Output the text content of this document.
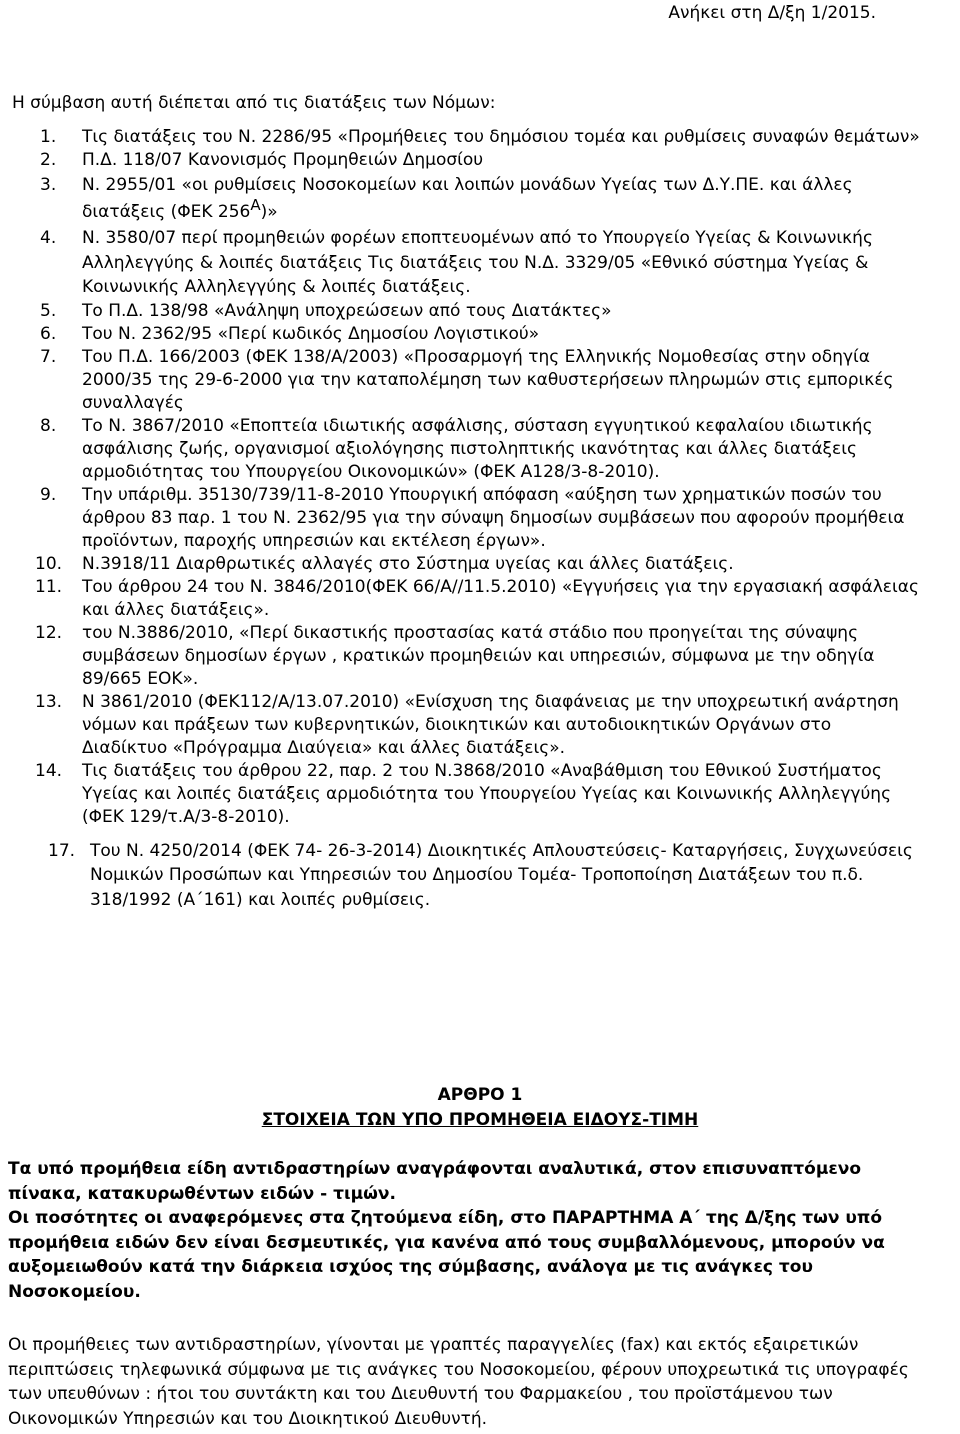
Ανήκει στη Δ/ξη 1/2015.

Η σύμβαση αυτή διέπεται από τις διατάξεις των Νόμων:

1. Τις διατάξεις του Ν. 2286/95 «Προμήθειες του δημόσιου τομέα και ρυθμίσεις συναφών θεμάτων»
2. Π.Δ. 118/07 Κανονισμός Προμηθειών Δημοσίου
3. Ν. 2955/01 «οι ρυθμίσεις Νοσοκομείων και λοιπών μονάδων Υγείας των Δ.Υ.ΠΕ. και άλλες διατάξεις (ΦΕΚ 256Α)»
4. Ν. 3580/07 περί προμηθειών φορέων εποπτευομένων από το Υπουργείο Υγείας & Κοινωνικής Αλληλεγγύης & λοιπές διατάξεις Τις διατάξεις του Ν.Δ. 3329/05 «Εθνικό σύστημα Υγείας & Κοινωνικής Αλληλεγγύης & λοιπές διατάξεις.
5. Το Π.Δ. 138/98 «Ανάληψη υποχρεώσεων από τους Διατάκτες»
6. Του Ν. 2362/95 «Περί κωδικός Δημοσίου Λογιστικού»
7. Του Π.Δ. 166/2003 (ΦΕΚ 138/Α/2003) «Προσαρμογή της Ελληνικής Νομοθεσίας στην οδηγία 2000/35 της 29-6-2000 για την καταπολέμηση των καθυστερήσεων πληρωμών στις εμπορικές συναλλαγές
8. Το Ν. 3867/2010 «Εποπτεία ιδιωτικής ασφάλισης, σύσταση εγγυητικού κεφαλαίου ιδιωτικής ασφάλισης ζωής, οργανισμοί αξιολόγησης πιστοληπτικής ικανότητας και άλλες διατάξεις αρμοδιότητας του Υπουργείου Οικονομικών» (ΦΕΚ Α128/3-8-2010).
9. Την υπάριθμ. 35130/739/11-8-2010 Υπουργική απόφαση «αύξηση των χρηματικών ποσών του άρθρου 83 παρ. 1 του Ν. 2362/95 για την σύναψη δημοσίων συμβάσεων που αφορούν προμήθεια προϊόντων, παροχής υπηρεσιών και εκτέλεση έργων».
10. Ν.3918/11 Διαρθρωτικές αλλαγές στο Σύστημα υγείας και άλλες διατάξεις.
11. Του άρθρου 24 του Ν. 3846/2010(ΦΕΚ 66/Α//11.5.2010) «Εγγυήσεις για την εργασιακή ασφάλειας και άλλες διατάξεις».
12. του Ν.3886/2010, «Περί δικαστικής προστασίας κατά στάδιο που προηγείται της σύναψης συμβάσεων δημοσίων έργων , κρατικών προμηθειών και υπηρεσιών, σύμφωνα με την οδηγία 89/665 ΕΟΚ».
13. Ν 3861/2010 (ΦΕΚ112/Α/13.07.2010) «Ενίσχυση της διαφάνειας με την υποχρεωτική ανάρτηση νόμων και πράξεων των κυβερνητικών, διοικητικών και αυτοδιοικητικών Οργάνων στο Διαδίκτυο «Πρόγραμμα Διαύγεια» και άλλες διατάξεις».
14. Τις διατάξεις του άρθρου 22, παρ. 2 του Ν.3868/2010 «Αναβάθμιση του Εθνικού Συστήματος Υγείας και λοιπές διατάξεις αρμοδιότητα του Υπουργείου Υγείας και Κοινωνικής Αλληλεγγύης (ΦΕΚ 129/τ.Α/3-8-2010).
17. Του Ν. 4250/2014 (ΦΕΚ 74- 26-3-2014) Διοικητικές Απλουστεύσεις- Καταργήσεις, Συγχωνεύσεις Νομικών Προσώπων και Υπηρεσιών του Δημοσίου Τομέα- Τροποποίηση Διατάξεων του π.δ. 318/1992 (Α΄161) και λοιπές ρυθμίσεις.
ΑΡΘΡΟ 1
ΣΤΟΙΧΕΙΑ ΤΩΝ ΥΠΟ ΠΡΟΜΗΘΕΙΑ ΕΙΔΟΥΣ-ΤΙΜΗ

Τα υπό προμήθεια είδη αντιδραστηρίων αναγράφονται αναλυτικά, στον επισυναπτόμενο πίνακα, κατακυρωθέντων ειδών - τιμών.

Οι ποσότητες οι αναφερόμενες στα ζητούμενα είδη, στο ΠΑΡΑΡΤΗΜΑ Α΄ της Δ/ξης των υπό προμήθεια ειδών δεν είναι δεσμευτικές, για κανένα από τους συμβαλλόμενους, μπορούν να αυξομειωθούν κατά την διάρκεια ισχύος της σύμβασης, ανάλογα με τις ανάγκες του Νοσοκομείου.

Οι προμήθειες των αντιδραστηρίων, γίνονται με γραπτές παραγγελίες (fax) και εκτός εξαιρετικών περιπτώσεις τηλεφωνικά σύμφωνα με τις ανάγκες του Νοσοκομείου, φέρουν υποχρεωτικά τις υπογραφές των υπευθύνων : ήτοι του συντάκτη και του Διευθυντή του Φαρμακείου , του προϊστάμενου των Οικονομικών Υπηρεσιών και του Διοικητικού Διευθυντή.
